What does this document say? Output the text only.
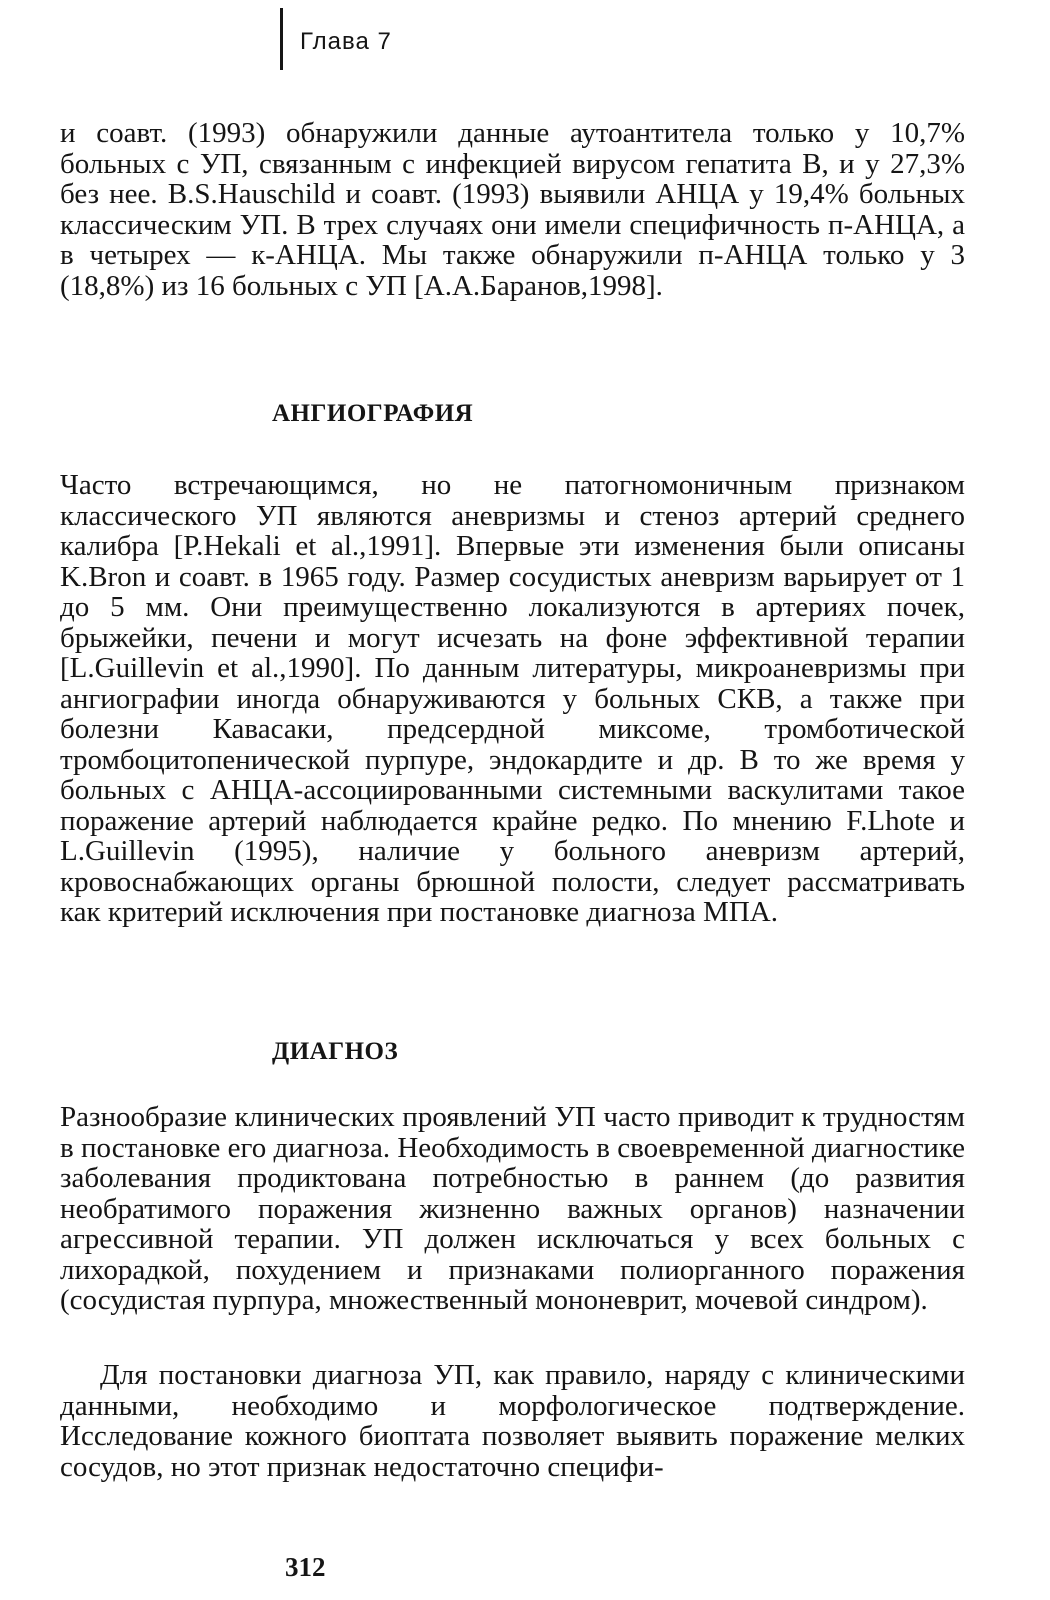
Глава 7
и соавт. (1993) обнаружили данные аутоантитела только у 10,7% больных с УП, связанным с инфекцией вирусом гепатита В, и у 27,3% без нее. B.S.Hauschild и соавт. (1993) выявили АНЦА у 19,4% больных классическим УП. В трех случаях они имели специфичность п-АНЦА, а в четырех — к-АНЦА. Мы также обнаружили п-АНЦА только у 3 (18,8%) из 16 больных с УП [А.А.Баранов,1998].
АНГИОГРАФИЯ
Часто встречающимся, но не патогномоничным признаком классического УП являются аневризмы и стеноз артерий среднего калибра [P.Hekali et al.,1991]. Впервые эти изменения были описаны K.Bron и соавт. в 1965 году. Размер сосудистых аневризм варьирует от 1 до 5 мм. Они преимущественно локализуются в артериях почек, брыжейки, печени и могут исчезать на фоне эффективной терапии [L.Guillevin et al.,1990]. По данным литературы, микроаневризмы при ангиографии иногда обнаруживаются у больных СКВ, а также при болезни Кавасаки, предсердной миксоме, тромботической тромбоцитопенической пурпуре, эндокардите и др. В то же время у больных с АНЦА-ассоциированными системными васкулитами такое поражение артерий наблюдается крайне редко. По мнению F.Lhote и L.Guillevin (1995), наличие у больного аневризм артерий, кровоснабжающих органы брюшной полости, следует рассматривать как критерий исключения при постановке диагноза МПА.
ДИАГНОЗ
Разнообразие клинических проявлений УП часто приводит к трудностям в постановке его диагноза. Необходимость в своевременной диагностике заболевания продиктована потребностью в раннем (до развития необратимого поражения жизненно важных органов) назначении агрессивной терапии. УП должен исключаться у всех больных с лихорадкой, похудением и признаками полиорганного поражения (сосудистая пурпура, множественный мононеврит, мочевой синдром).
Для постановки диагноза УП, как правило, наряду с клиническими данными, необходимо и морфологическое подтверждение. Исследование кожного биоптата позволяет выявить поражение мелких сосудов, но этот признак недостаточно специфи-
312
